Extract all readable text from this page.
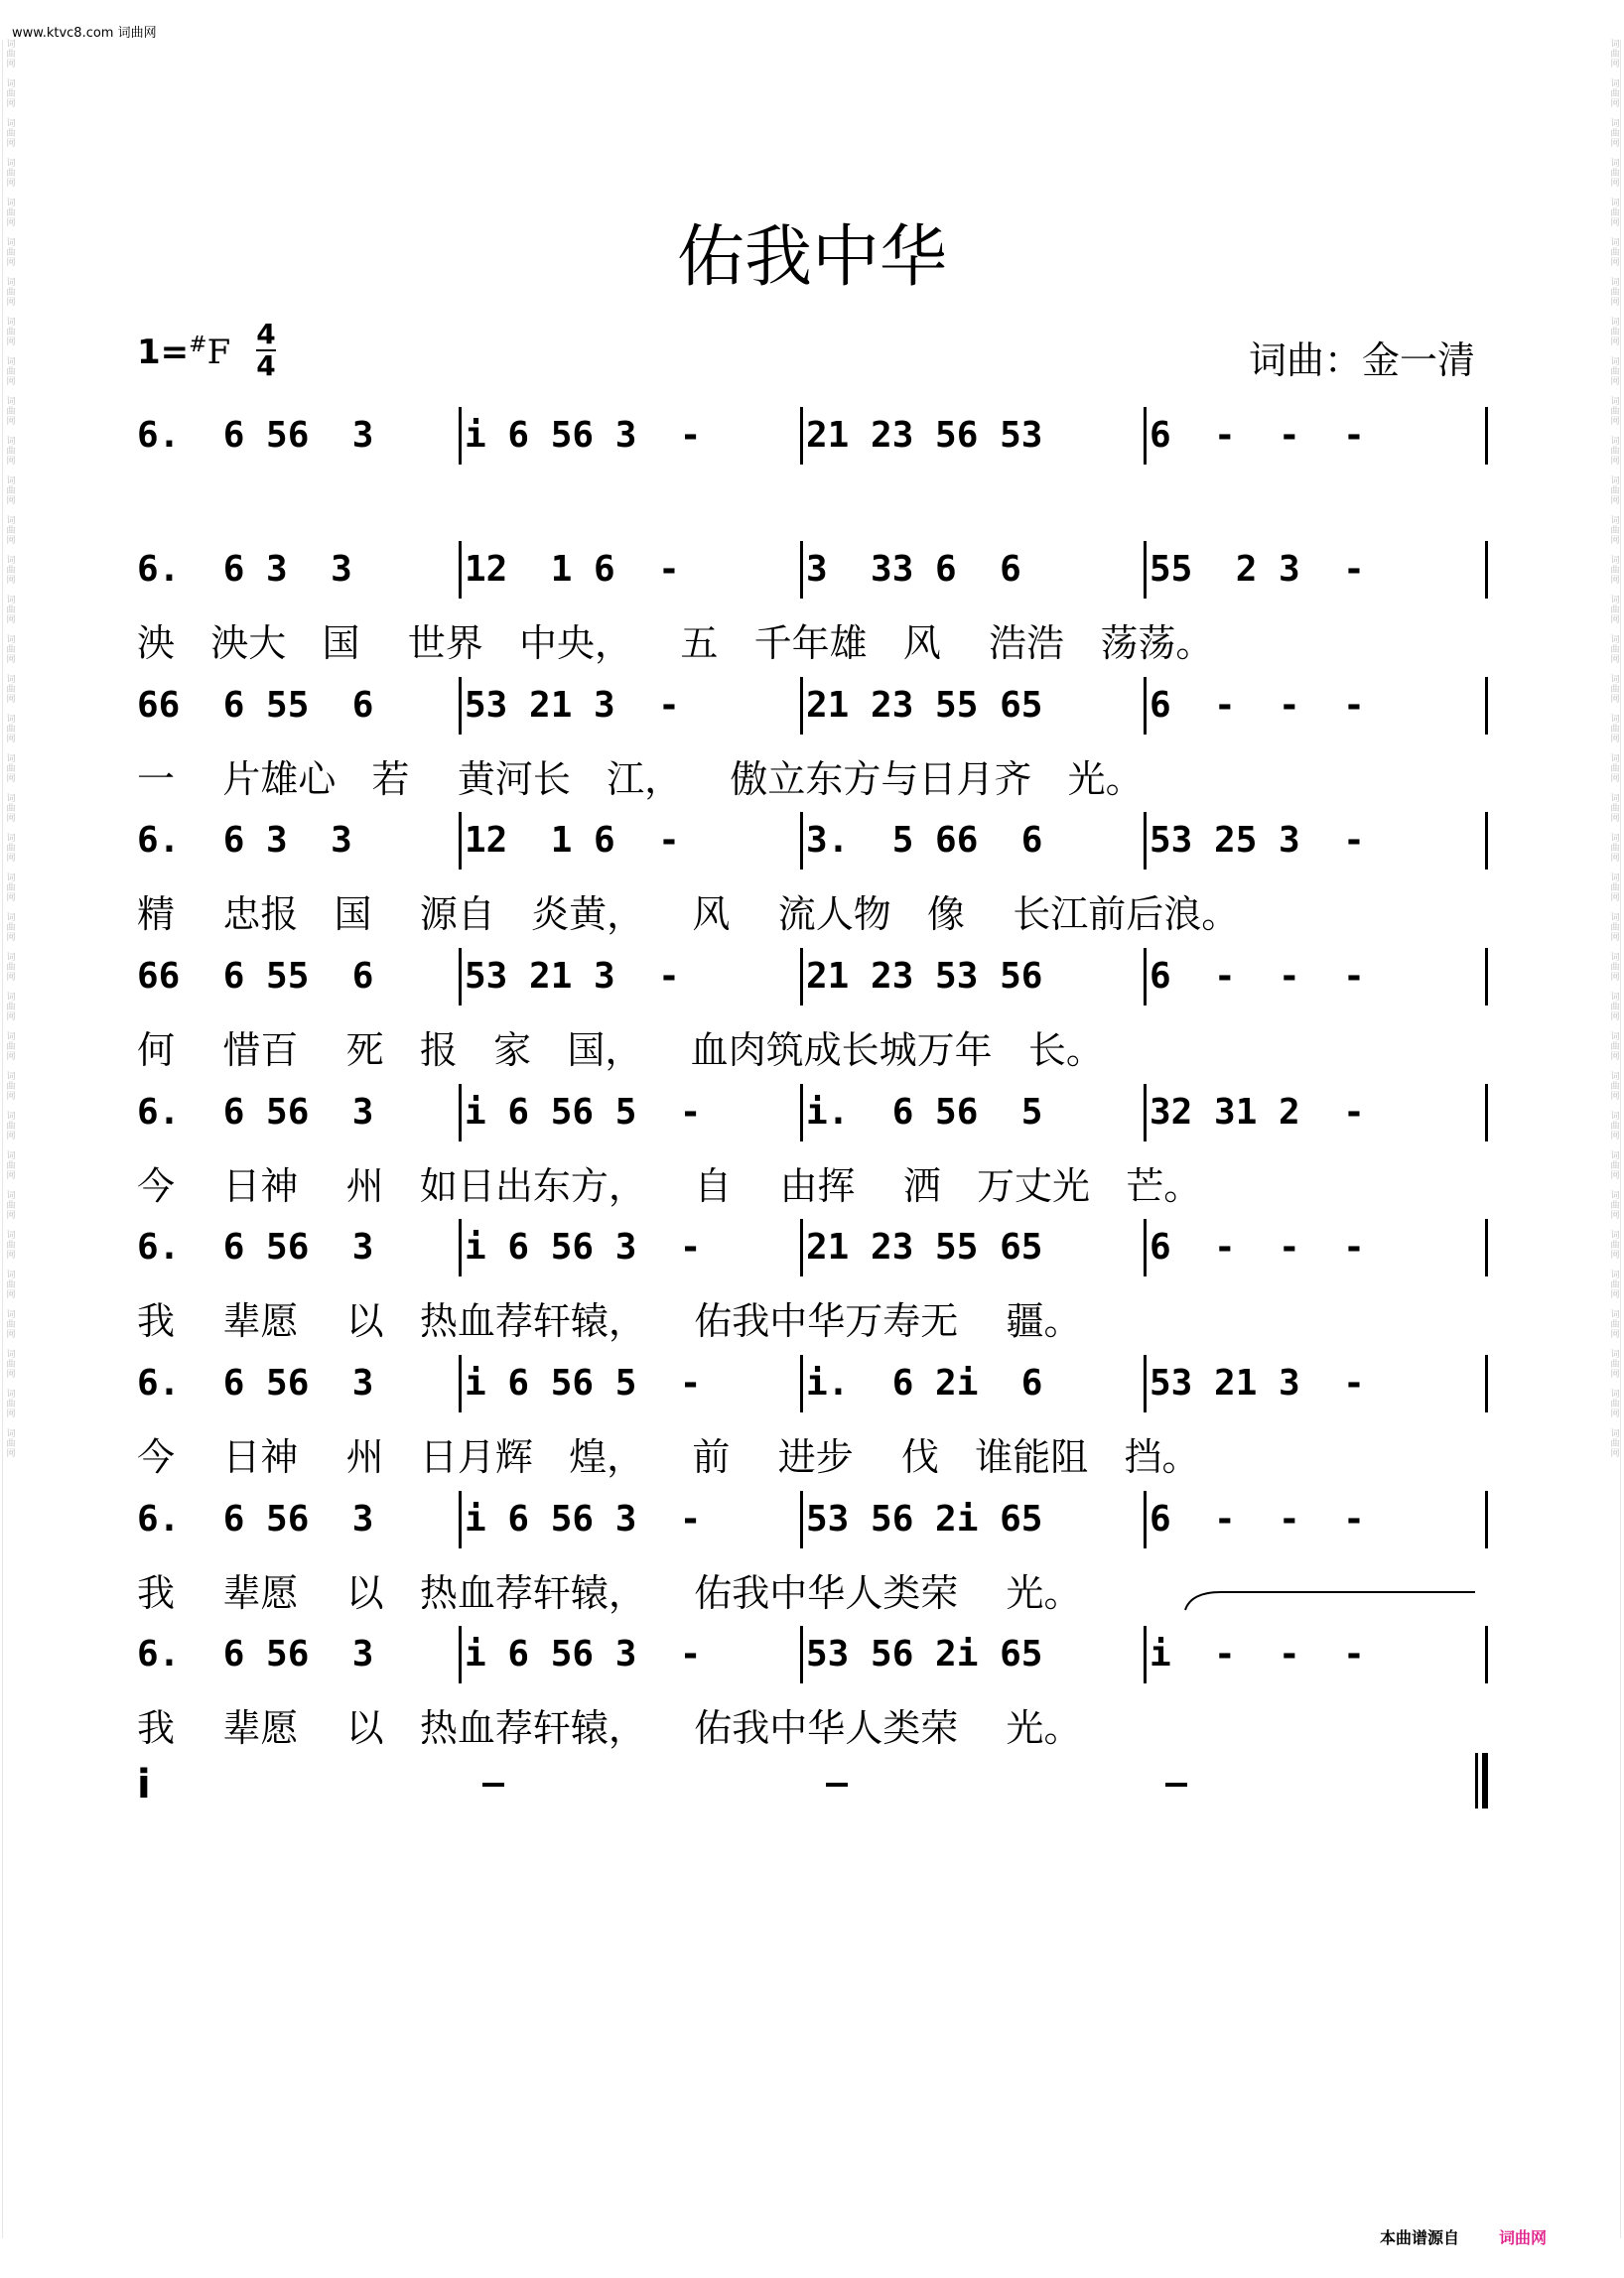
www.ktvc8.com 词曲网
佑我中华
1=#F 4
4	词曲：金一清
6.  6 56  3	i 6 56 3  -	21 23 56 53	6  -  -  -
6.  6 3  3	12  1 6  -	3  33 6  6	55  2 3  -
泱   泱大   国    世界   中央，    五   千年雄   风    浩浩   荡荡。
66  6 55  6	53 21 3  -	21 23 55 65	6  -  -  -
一    片雄心   若    黄河长   江，    傲立东方与日月齐   光。
6.  6 3  3	12  1 6  -	3.  5 66  6	53 25 3  -
精    忠报   国    源自   炎黄，    风    流人物   像    长江前后浪。
66  6 55  6	53 21 3  -	21 23 53 56	6  -  -  -
何    惜百    死   报   家   国，    血肉筑成长城万年   长。
6.  6 56  3	i 6 56 5  -	i.  6 56  5	32 31 2  -
今    日神    州   如日出东方，    自    由挥    洒   万丈光   芒。
6.  6 56  3	i 6 56 3  -	21 23 55 65	6  -  -  -
我    辈愿    以   热血荐轩辕，    佑我中华万寿无    疆。
6.  6 56  3	i 6 56 5  -	i.  6 2i  6	53 21 3  -
今    日神    州   日月辉   煌，    前    进步    伐   谁能阻   挡。
6.  6 56  3	i 6 56 3  -	53 56 2i 65	6  -  -  -
我    辈愿    以   热血荐轩辕，    佑我中华人类荣    光。
6.  6 56  3	i 6 56 3  -	53 56 2i 65	i  -  -  -
我    辈愿    以   热血荐轩辕，    佑我中华人类荣    光。
i
本曲谱源自	词曲网
词
曲
网

词
曲
网

词
曲
网

词
曲
网

词
曲
网

词
曲
网

词
曲
网

词
曲
网

词
曲
网

词
曲
网

词
曲
网

词
曲
网

词
曲
网

词
曲
网

词
曲
网

词
曲
网

词
曲
网

词
曲
网

词
曲
网

词
曲
网

词
曲
网

词
曲
网

词
曲
网

词
曲
网

词
曲
网

词
曲
网

词
曲
网

词
曲
网

词
曲
网

词
曲
网

词
曲
网

词
曲
网

词
曲
网

词
曲
网

词
曲
网

词
曲
网

词
曲
网

词
曲
网

词
曲
网

词
曲
网

词
曲
网

词
曲
网

词
曲
网

词
曲
网

词
曲
网

词
曲
网

词
曲
网

词
曲
网

词
曲
网

词
曲
网

词
曲
网

词
曲
网

词
曲
网

词
曲
网

词
曲
网

词
曲
网

词
曲
网

词
曲
网

词
曲
网

词
曲
网

词
曲
网

词
曲
网

词
曲
网

词
曲
网

词
曲
网

词
曲
网

词
曲
网

词
曲
网

词
曲
网

词
曲
网

词
曲
网

词
曲
网
